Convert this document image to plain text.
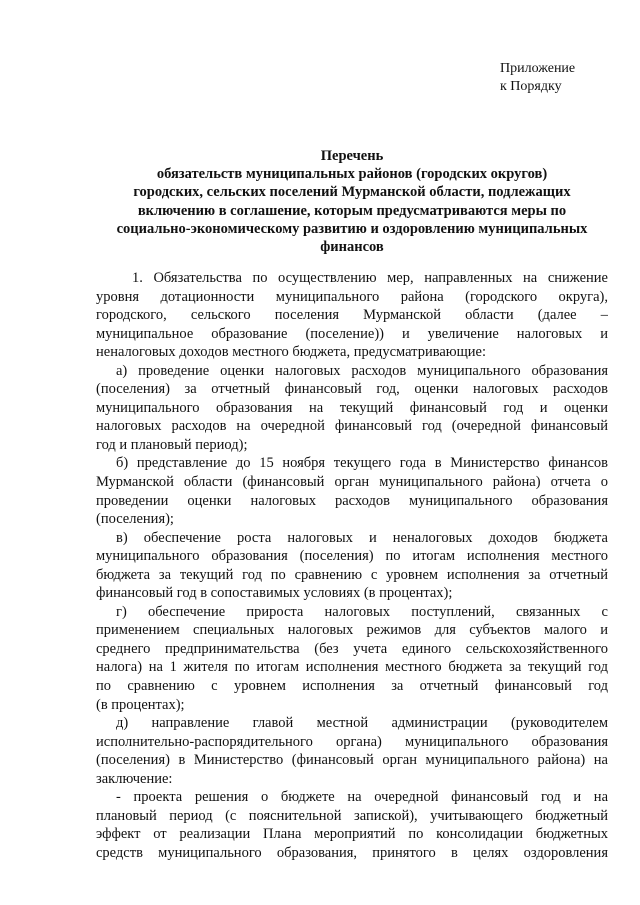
Приложение
к Порядку
Перечень
обязательств муниципальных районов (городских округов)
городских, сельских поселений Мурманской области, подлежащих
включению в соглашение, которым предусматриваются меры по
социально-экономическому развитию и оздоровлению муниципальных
финансов
1. Обязательства по осуществлению мер, направленных на снижение
уровня дотационности муниципального района (городского округа),
городского, сельского поселения Мурманской области (далее –
муниципальное образование (поселение)) и увеличение налоговых и
неналоговых доходов местного бюджета, предусматривающие:
а) проведение оценки налоговых расходов муниципального образования
(поселения) за отчетный финансовый год, оценки налоговых расходов
муниципального образования на текущий финансовый год и оценки
налоговых расходов на очередной финансовый год (очередной финансовый
год и плановый период);
б) представление до 15 ноября текущего года в Министерство финансов
Мурманской области (финансовый орган муниципального района) отчета о
проведении оценки налоговых расходов муниципального образования
(поселения);
в) обеспечение роста налоговых и неналоговых доходов бюджета
муниципального образования (поселения) по итогам исполнения местного
бюджета за текущий год по сравнению с уровнем исполнения за отчетный
финансовый год в сопоставимых условиях (в процентах);
г) обеспечение прироста налоговых поступлений, связанных с
применением специальных налоговых режимов для субъектов малого и
среднего предпринимательства (без учета единого сельскохозяйственного
налога) на 1 жителя по итогам исполнения местного бюджета за текущий год
по сравнению с уровнем исполнения за отчетный финансовый год
(в процентах);
д) направление главой местной администрации (руководителем
исполнительно-распорядительного органа) муниципального образования
(поселения) в Министерство (финансовый орган муниципального района) на
заключение:
- проекта решения о бюджете на очередной финансовый год и на
плановый период (с пояснительной запиской), учитывающего бюджетный
эффект от реализации Плана мероприятий по консолидации бюджетных
средств муниципального образования, принятого в целях оздоровления
